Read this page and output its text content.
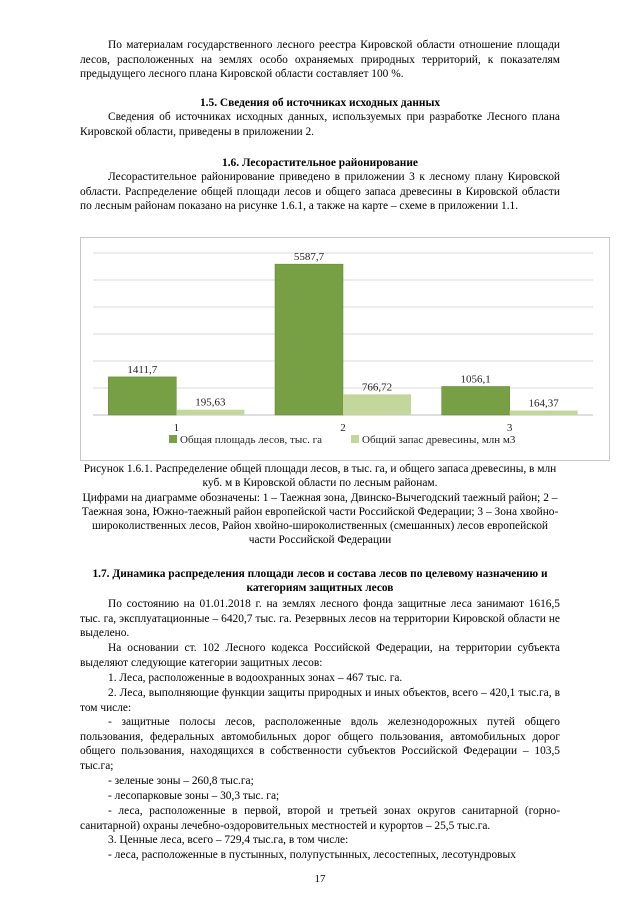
По материалам государственного лесного реестра Кировской области отношение площади лесов, расположенных на землях особо охраняемых природных территорий, к показателям предыдущего лесного плана Кировской области составляет 100 %.

1.5. Сведения об источниках исходных данных

Сведения об источниках исходных данных, используемых при разработке Лесного плана Кировской области, приведены в приложении 2.

1.6. Лесорастительное районирование

Лесорастительное районирование приведено в приложении 3 к лесному плану Кировской области. Распределение общей площади лесов и общего запаса древесины в Кировской области по лесным районам показано на рисунке 1.6.1, а также на карте – схеме в приложении 1.1.

1411,7
195,63
1
5587,7
766,72
2
1056,1
164,37
3
Общая площадь лесов, тыс. га	Общий запас древесины, млн м3

Рисунок 1.6.1. Распределение общей площади лесов, в тыс. га, и общего запаса древесины, в млн куб. м в Кировской области по лесным районам.

Цифрами на диаграмме обозначены: 1 – Таежная зона, Двинско-Вычегодский таежный район; 2 – Таежная зона, Южно-таежный район европейской части Российской Федерации; 3 – Зона хвойно-широколиственных лесов, Район хвойно-широколиственных (смешанных) лесов европейской части Российской Федерации

1.7. Динамика распределения площади лесов и состава лесов по целевому назначению и категориям защитных лесов

По состоянию на 01.01.2018 г. на землях лесного фонда защитные леса занимают 1616,5 тыс. га, эксплуатационные – 6420,7 тыс. га. Резервных лесов на территории Кировской области не выделено.

На основании ст. 102 Лесного кодекса Российской Федерации, на территории субъекта выделяют следующие категории защитных лесов:

1. Леса, расположенные в водоохранных зонах – 467 тыс. га.

2. Леса, выполняющие функции защиты природных и иных объектов, всего – 420,1 тыс.га, в том числе:

- защитные полосы лесов, расположенные вдоль железнодорожных путей общего пользования, федеральных автомобильных дорог общего пользования, автомобильных дорог общего пользования, находящихся в собственности субъектов Российской Федерации – 103,5 тыс.га;

- зеленые зоны – 260,8 тыс.га;

- лесопарковые зоны – 30,3 тыс. га;

- леса, расположенные в первой, второй и третьей зонах округов санитарной (горно-санитарной) охраны лечебно-оздоровительных местностей и курортов – 25,5 тыс.га.

3. Ценные леса, всего – 729,4 тыс.га, в том числе:

- леса, расположенные в пустынных, полупустынных, лесостепных, лесотундровых

17
